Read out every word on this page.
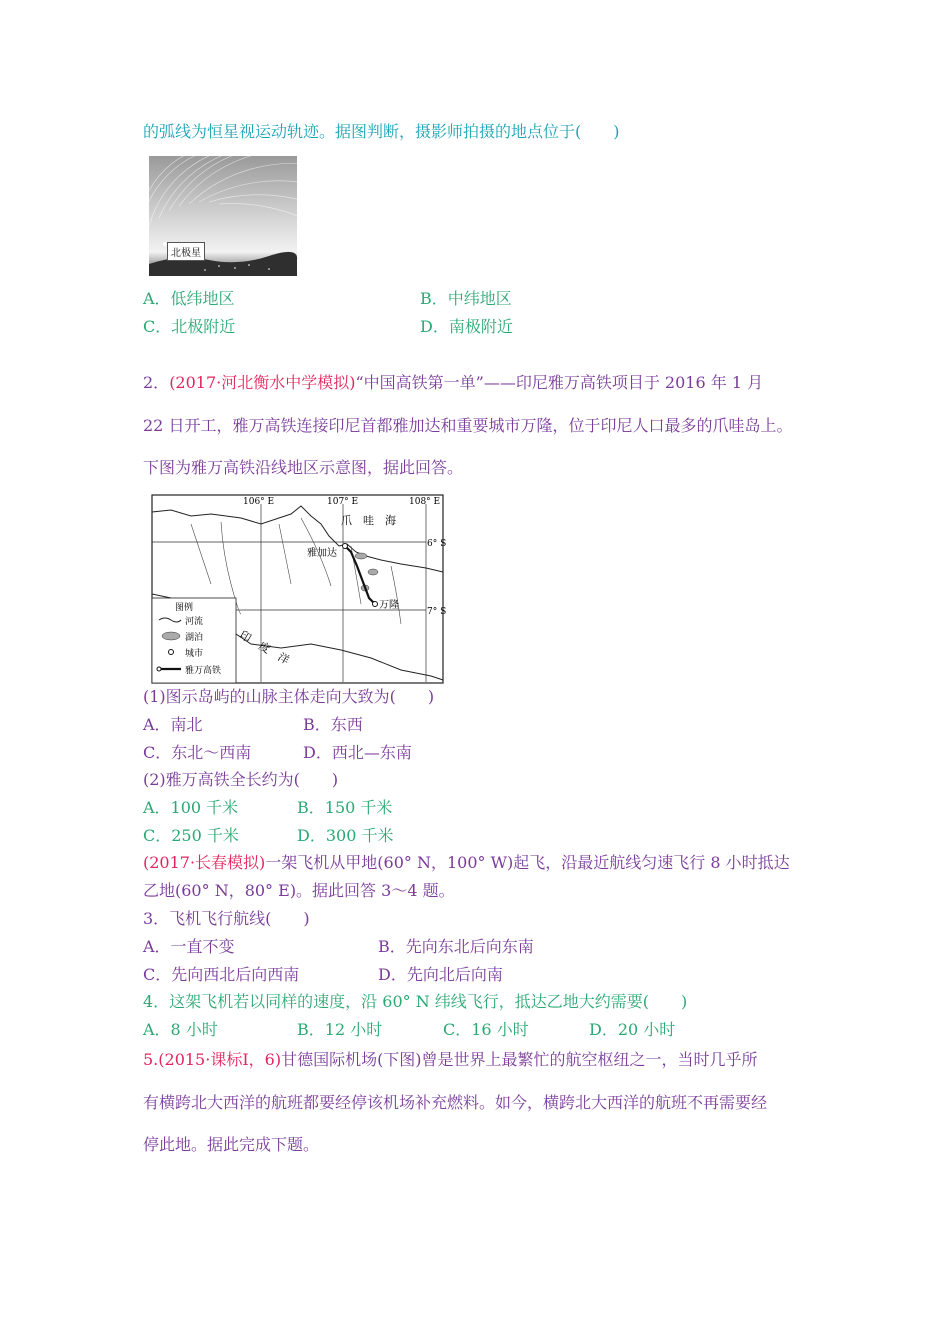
的弧线为恒星视运动轨迹。据图判断，摄影师拍摄的地点位于(　　)
北极星
A．低纬地区	B．中纬地区
C．北极附近	D．南极附近
2．(2017·河北衡水中学模拟)“中国高铁第一单”——印尼雅万高铁项目于 2016 年 1 月
22 日开工，雅万高铁连接印尼首都雅加达和重要城市万隆，位于印尼人口最多的爪哇岛上。
下图为雅万高铁沿线地区示意图，据此回答。
106° E	107° E	108° E
6° S
7° S
爪　哇　海
雅加达
万隆
印　度　洋
图例
河流
湖泊
城市
雅万高铁
(1)图示岛屿的山脉主体走向大致为(　　)
A．南北	B．东西
C．东北～西南	D．西北—东南
(2)雅万高铁全长约为(　　)
A．100 千米	B．150 千米
C．250 千米	D．300 千米
(2017·长春模拟)一架飞机从甲地(60° N，100° W)起飞，沿最近航线匀速飞行 8 小时抵达
乙地(60° N，80° E)。据此回答 3～4 题。
3．飞机飞行航线(　　)
A．一直不变	B．先向东北后向东南
C．先向西北后向西南	D．先向北后向南
4．这架飞机若以同样的速度，沿 60° N 纬线飞行，抵达乙地大约需要(　　)
A．8 小时	B．12 小时	C．16 小时	D．20 小时
5.(2015·课标Ⅰ，6)甘德国际机场(下图)曾是世界上最繁忙的航空枢纽之一，当时几乎所
有横跨北大西洋的航班都要经停该机场补充燃料。如今，横跨北大西洋的航班不再需要经
停此地。据此完成下题。
